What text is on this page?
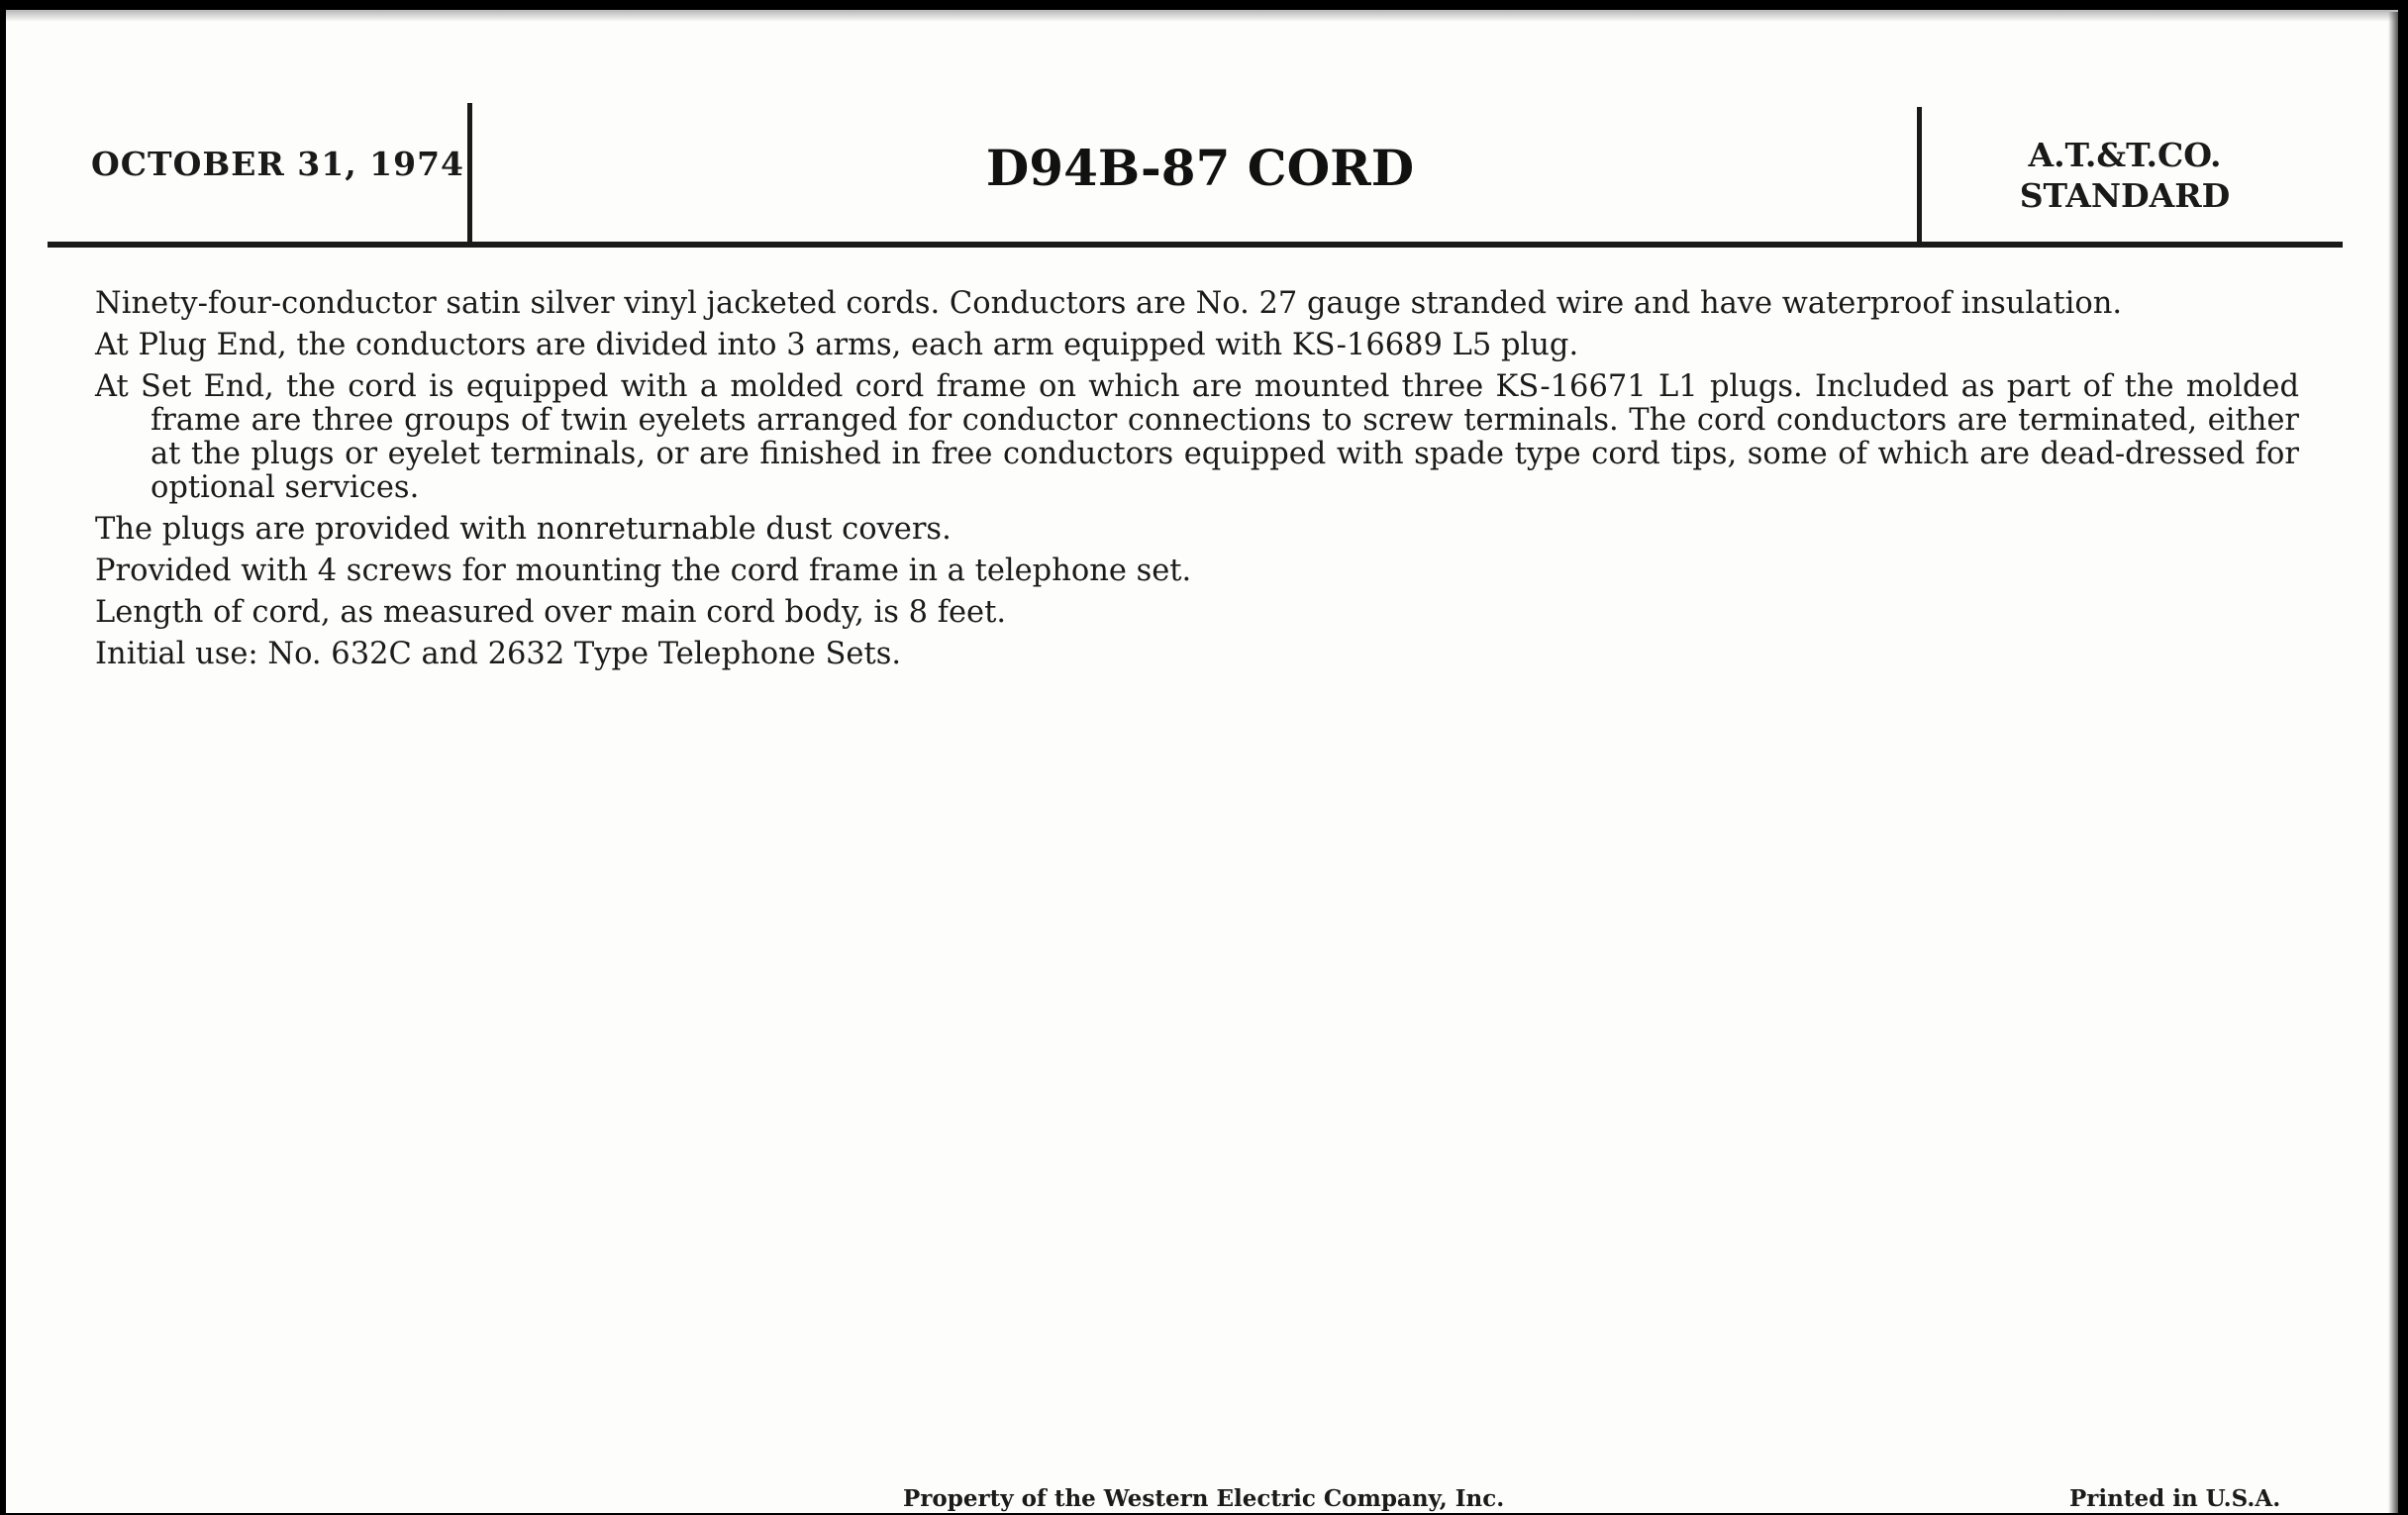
OCTOBER 31, 1974	D94B-87 CORD	A.T.&T.CO.
STANDARD

Ninety-four-conductor satin silver vinyl jacketed cords. Conductors are No. 27 gauge stranded wire and have waterproof insulation.

At Plug End, the conductors are divided into 3 arms, each arm equipped with KS-16689 L5 plug.

At Set End, the cord is equipped with a molded cord frame on which are mounted three KS-16671 L1 plugs. Included as part of the molded frame are three groups of twin eyelets arranged for conductor connections to screw terminals. The cord conductors are terminated, either at the plugs or eyelet terminals, or are finished in free conductors equipped with spade type cord tips, some of which are dead-dressed for optional services.

The plugs are provided with nonreturnable dust covers.

Provided with 4 screws for mounting the cord frame in a telephone set.

Length of cord, as measured over main cord body, is 8 feet.

Initial use: No. 632C and 2632 Type Telephone Sets.

Property of the Western Electric Company, Inc.	Printed in U.S.A.
